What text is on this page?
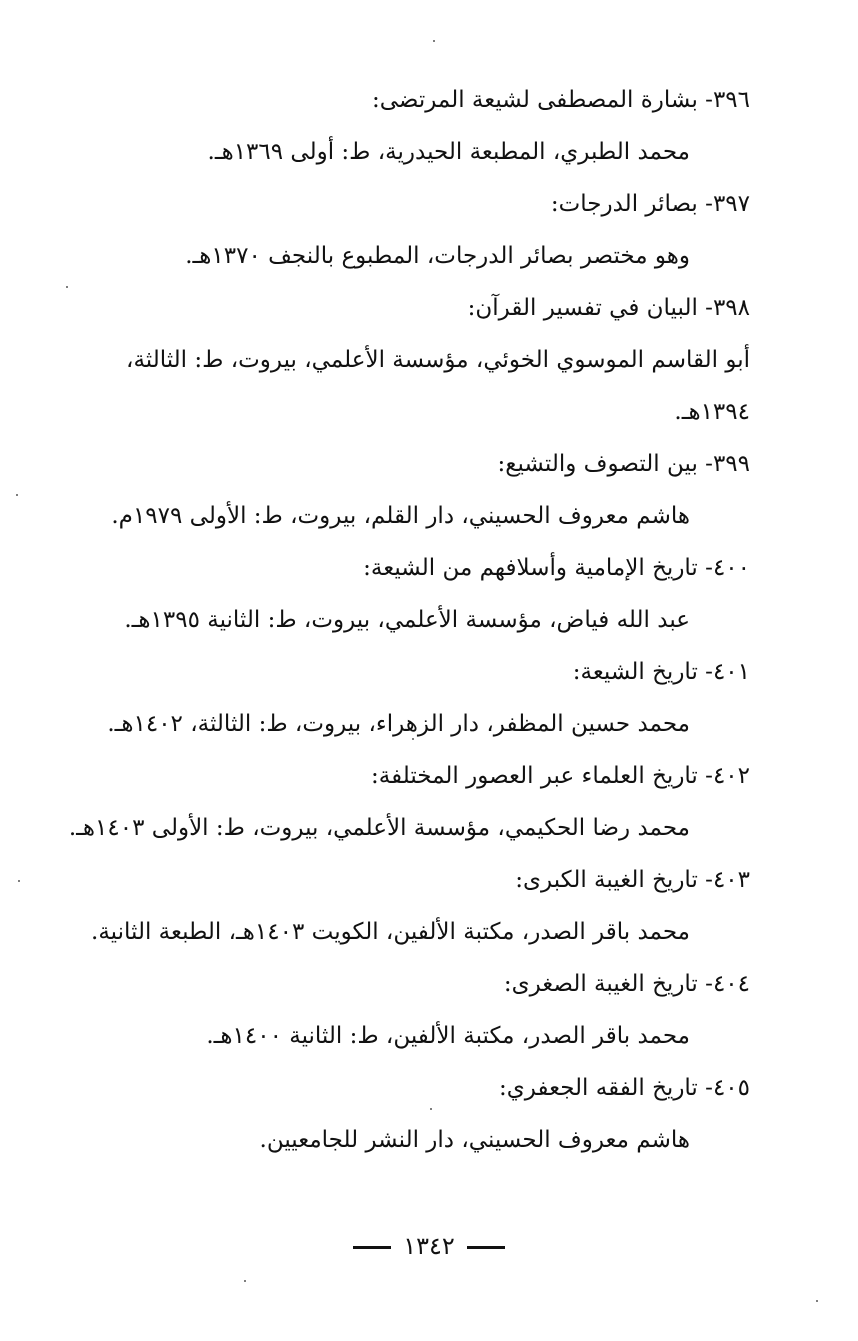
٣٩٦- بشارة المصطفى لشيعة المرتضى:
محمد الطبري، المطبعة الحيدرية، ط: أولى ١٣٦٩هـ.
٣٩٧- بصائر الدرجات:
وهو مختصر بصائر الدرجات، المطبوع بالنجف ١٣٧٠هـ.
٣٩٨- البيان في تفسير القرآن:
أبو القاسم الموسوي الخوئي، مؤسسة الأعلمي، بيروت، ط: الثالثة،
١٣٩٤هـ.
٣٩٩- بين التصوف والتشيع:
هاشم معروف الحسيني، دار القلم، بيروت، ط: الأولى ١٩٧٩م.
٤٠٠- تاريخ الإمامية وأسلافهم من الشيعة:
عبد الله فياض، مؤسسة الأعلمي، بيروت، ط: الثانية ١٣٩٥هـ.
٤٠١- تاريخ الشيعة:
محمد حسين المظفر، دار الزهراء، بيروت، ط: الثالثة، ١٤٠٢هـ.
٤٠٢- تاريخ العلماء عبر العصور المختلفة:
محمد رضا الحكيمي، مؤسسة الأعلمي، بيروت، ط: الأولى ١٤٠٣هـ.
٤٠٣- تاريخ الغيبة الكبرى:
محمد باقر الصدر، مكتبة الألفين، الكويت ١٤٠٣هـ، الطبعة الثانية.
٤٠٤- تاريخ الغيبة الصغرى:
محمد باقر الصدر، مكتبة الألفين، ط: الثانية ١٤٠٠هـ.
٤٠٥- تاريخ الفقه الجعفري:
هاشم معروف الحسيني، دار النشر للجامعيين.
١٣٤٢
